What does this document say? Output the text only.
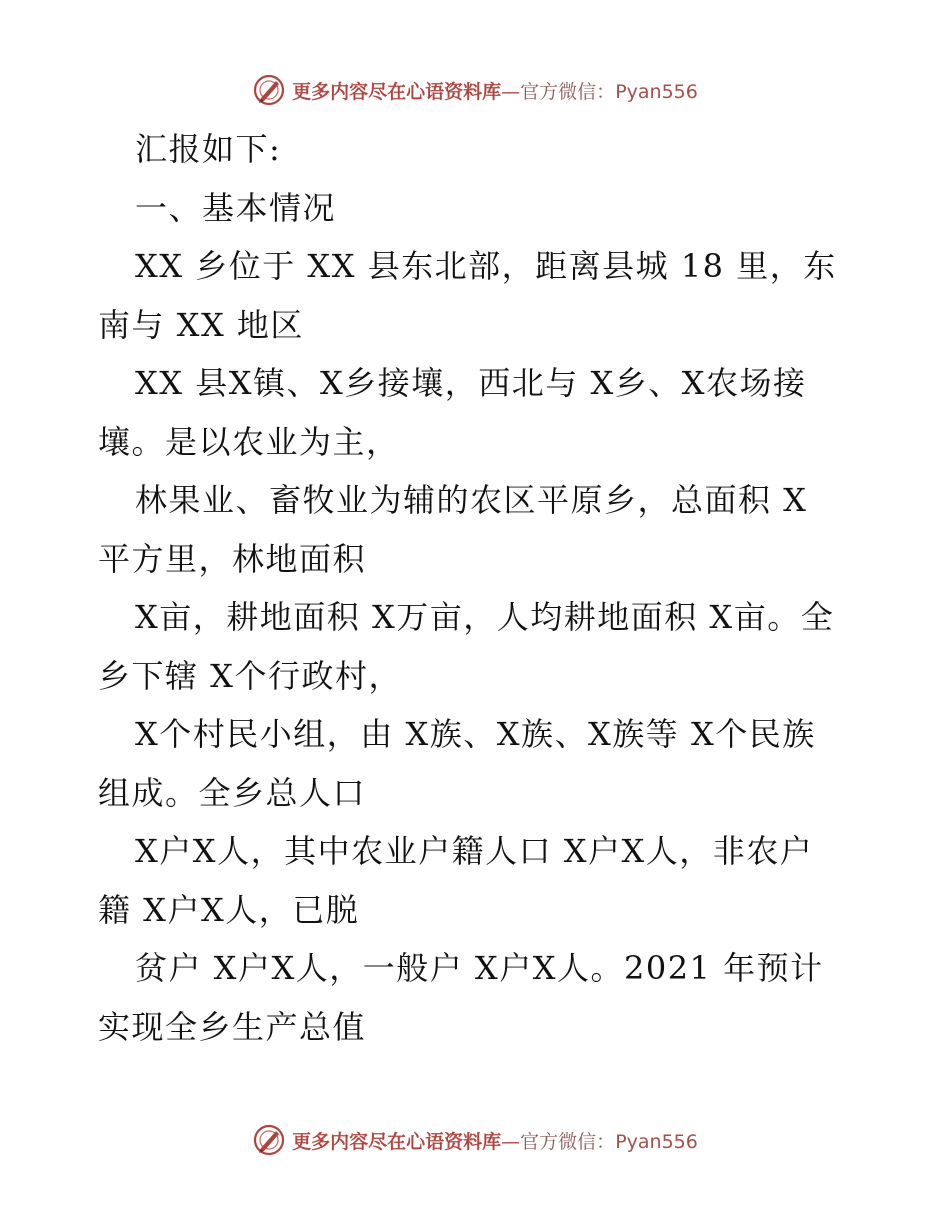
更多内容尽在心语资料库—官方微信：Pyan556
汇报如下:
一、基本情况
XX 乡位于 XX 县东北部，距离县城 18 里，东
南与 XX 地区
XX 县X镇、X乡接壤，西北与 X乡、X农场接
壤。是以农业为主，
林果业、畜牧业为辅的农区平原乡，总面积 X
平方里，林地面积
X亩，耕地面积 X万亩，人均耕地面积 X亩。全
乡下辖 X个行政村，
X个村民小组，由 X族、X族、X族等 X个民族
组成。全乡总人口
X户X人，其中农业户籍人口 X户X人，非农户
籍 X户X人，已脱
贫户 X户X人，一般户 X户X人。2021 年预计
实现全乡生产总值
更多内容尽在心语资料库—官方微信：Pyan556
